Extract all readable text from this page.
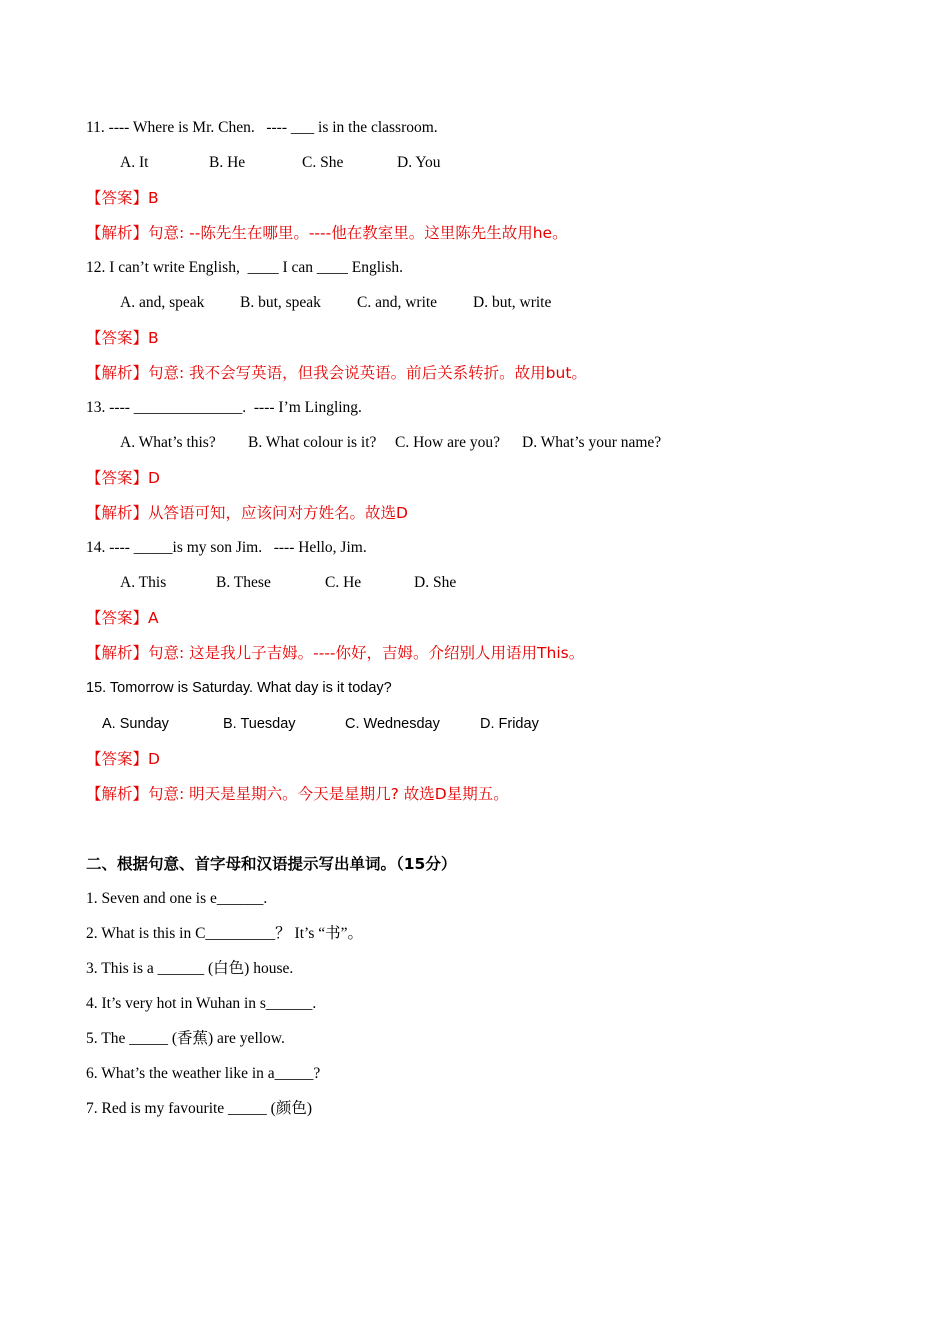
11. ---- Where is Mr. Chen.   ---- ___ is in the classroom.

A. It

	B. He

	C. She

	D. You

【答案】B
【解析】句意: --陈先生在哪里。----他在教室里。这里陈先生故用he。
12. I can’t write English,  ____ I can ____ English.

A. and, speak

B. but, speak

C. and, write

D. but, write

【答案】B
【解析】句意: 我不会写英语，但我会说英语。前后关系转折。故用but。
13. ---- ______________.  ---- I’m Lingling.

A. What’s this?

B. What colour is it?

C. How are you?

D. What’s your name?

【答案】D
【解析】从答语可知，应该问对方姓名。故选D
14. ---- _____is my son Jim.   ---- Hello, Jim.

A. This

	B. These

	C. He

	D. She

【答案】A
【解析】句意: 这是我儿子吉姆。----你好，吉姆。介绍别人用语用This。
15. Tomorrow is Saturday. What day is it today?

A. Sunday

	B. Tuesday

	C. Wednesday

	D. Friday

【答案】D
【解析】句意: 明天是星期六。今天是星期几? 故选D星期五。
二、根据句意、首字母和汉语提示写出单词。（15分）
1. Seven and one is e______.
2. What is this in C_________？ It’s “书”。
3. This is a ______ (白色) house.
4. It’s very hot in Wuhan in s______.
5. The _____ (香蕉) are yellow.
6. What’s the weather like in a_____?
7. Red is my favourite _____ (颜色)
